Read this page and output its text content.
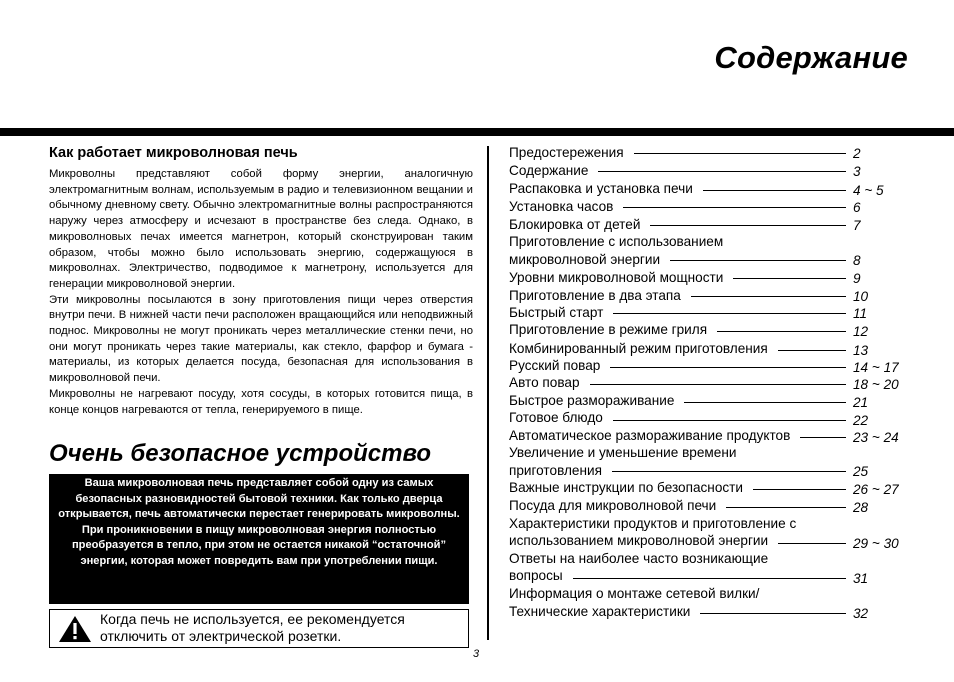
Содержание
Как работает микроволновая печь

Микроволны представляют собой форму энергии, аналогичную электромагнитным волнам, используемым в радио и телевизионном вещании и обычному дневному свету. Обычно электромагнитные волны распространяются наружу через атмосферу и исчезают в пространстве без следа. Однако, в микроволновых печах имеется магнетрон, который сконструирован таким образом, чтобы можно было использовать энергию, содержащуюся в микроволнах. Электричество, подводимое к магнетрону, используется для генерации микроволновой энергии.

Эти микроволны посылаются в зону приготовления пищи через отверстия внутри печи. В нижней части печи расположен вращающийся или неподвижный поднос. Микроволны не могут проникать через металлические стенки печи, но они могут проникать через такие материалы, как стекло, фарфор и бумага - материалы, из которых делается посуда, безопасная для использования в микроволновой печи.

Микроволны не нагревают посуду, хотя сосуды, в которых готовится пища, в конце концов нагреваются от тепла, генерируемого в пище.

Очень безопасное устройство
Ваша микроволновая печь представляет собой одну из самых безопасных разновидностей бытовой техники. Как только дверца открывается, печь автоматически перестает генерировать микроволны. При проникновении в пищу микроволновая энергия полностью преобразуется в тепло, при этом не остается никакой “остаточной” энергии, которая может повредить вам при употреблении пищи.
Когда печь не используется, ее рекомендуется отключить от электрической розетки.
Предостережения	2
Содержание	3
Распаковка и установка печи	4 ~ 5
Установка часов	6
Блокировка от детей	7
Приготовление с использованием
микроволновой энергии	8
Уровни микроволновой мощности	9
Приготовление в два этапа	10
Быстрый старт	11
Приготовление в режиме гриля	12
Комбинированный режим приготовления	13
Русский повар	14 ~ 17
Авто повар	18 ~ 20
Быстрое размораживание	21
Готовое блюдо	22
Автоматическое размораживание продуктов	23 ~ 24
Увеличение и уменьшение времени
приготовления	25
Важные инструкции по безопасности	26 ~ 27
Посуда для микроволновой печи	28
Характеристики продуктов и приготовление с
использованием микроволновой энергии	29 ~ 30
Ответы на наиболее часто возникающие
вопросы	31
Информация о монтаже сетевой вилки/
Технические характеристики	32
3
